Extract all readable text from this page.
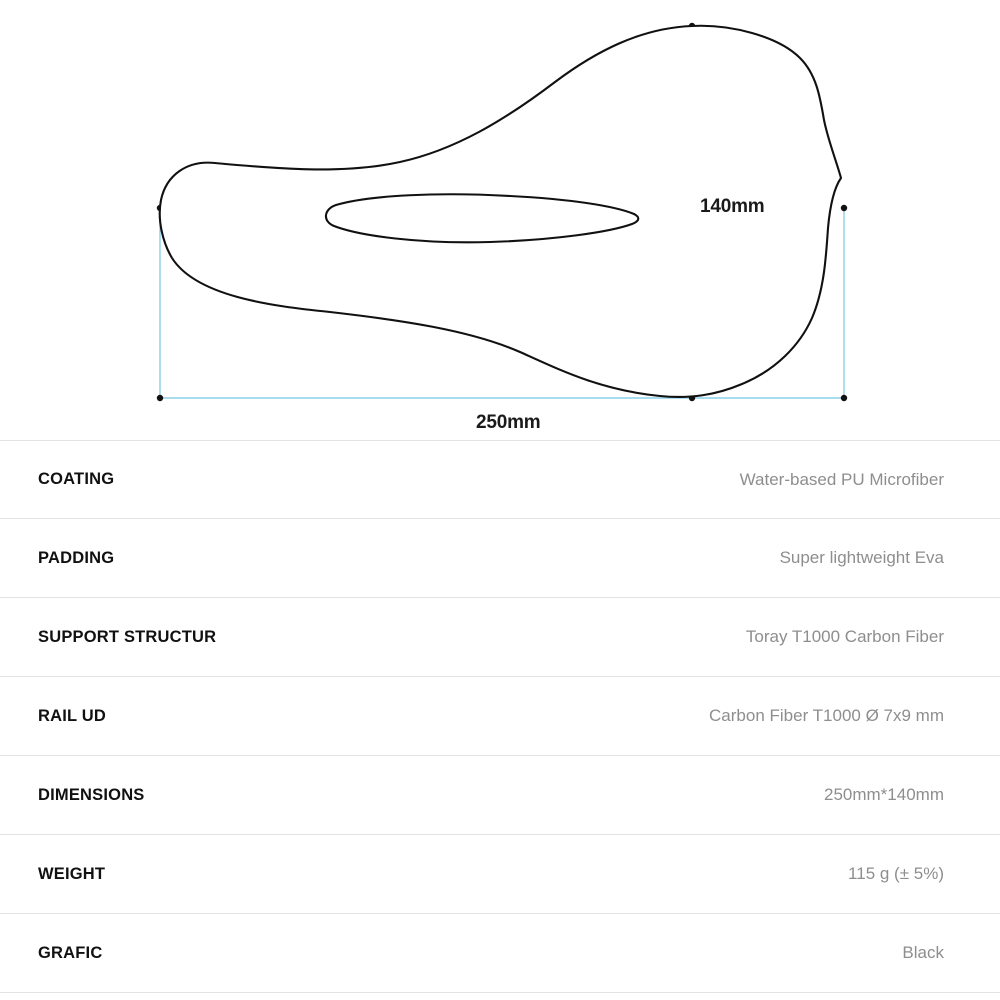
140mm
250mm
COATING	Water-based PU Microfiber
PADDING	Super lightweight Eva
SUPPORT STRUCTUR	Toray T1000 Carbon Fiber
RAIL UD	Carbon Fiber T1000 Ø 7x9 mm
DIMENSIONS	250mm*140mm
WEIGHT	115 g (± 5%)
GRAFIC	Black
